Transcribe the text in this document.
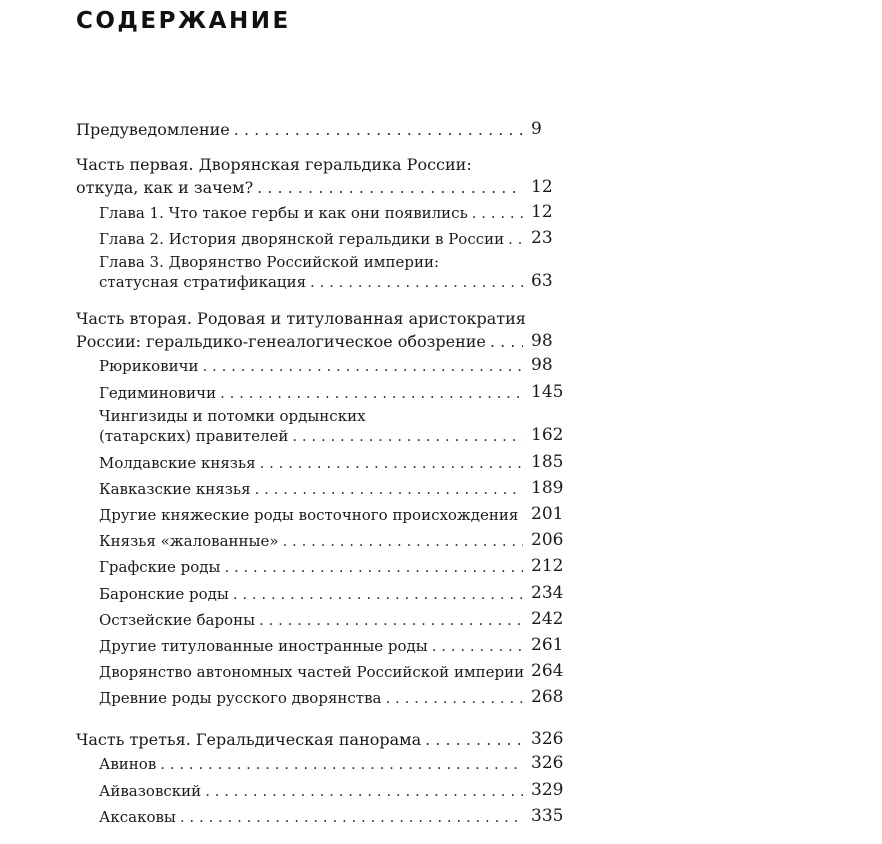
СОДЕРЖАНИЕ
Предуведомление . . .	9
Часть первая. Дворянская геральдика России:
откуда, как и зачем? . . .	12
Глава 1. Что такое гербы и как они появились . . .	12
Глава 2. История дворянской геральдики в России . . . 23
Глава 3. Дворянство Российской империи:
статусная стратификация . . .	63
Часть вторая. Родовая и титулованная аристократия
России: геральдико-генеалогическое обозрение . . .	98
Рюриковичи . . .	98
Гедиминовичи . . .	145
Чингизиды и потомки ордынских
(татарских) правителей . . .	162
Молдавские князья . . .	185
Кавказские князья . . .	189
Другие княжеские роды восточного происхождения . . . 201
Князья «жалованные» . . .	206
Графские роды . . .	212
Баронские роды . . .	234
Остзейские бароны . . .	242
Другие титулованные иностранные роды . . .	261
Дворянство автономных частей Российской империи . . . 264
Древние роды русского дворянства . . .	268
Часть третья. Геральдическая панорама . . .	326
Авинов . . .	326
Айвазовский . . .	329
Аксаковы . . .	335
